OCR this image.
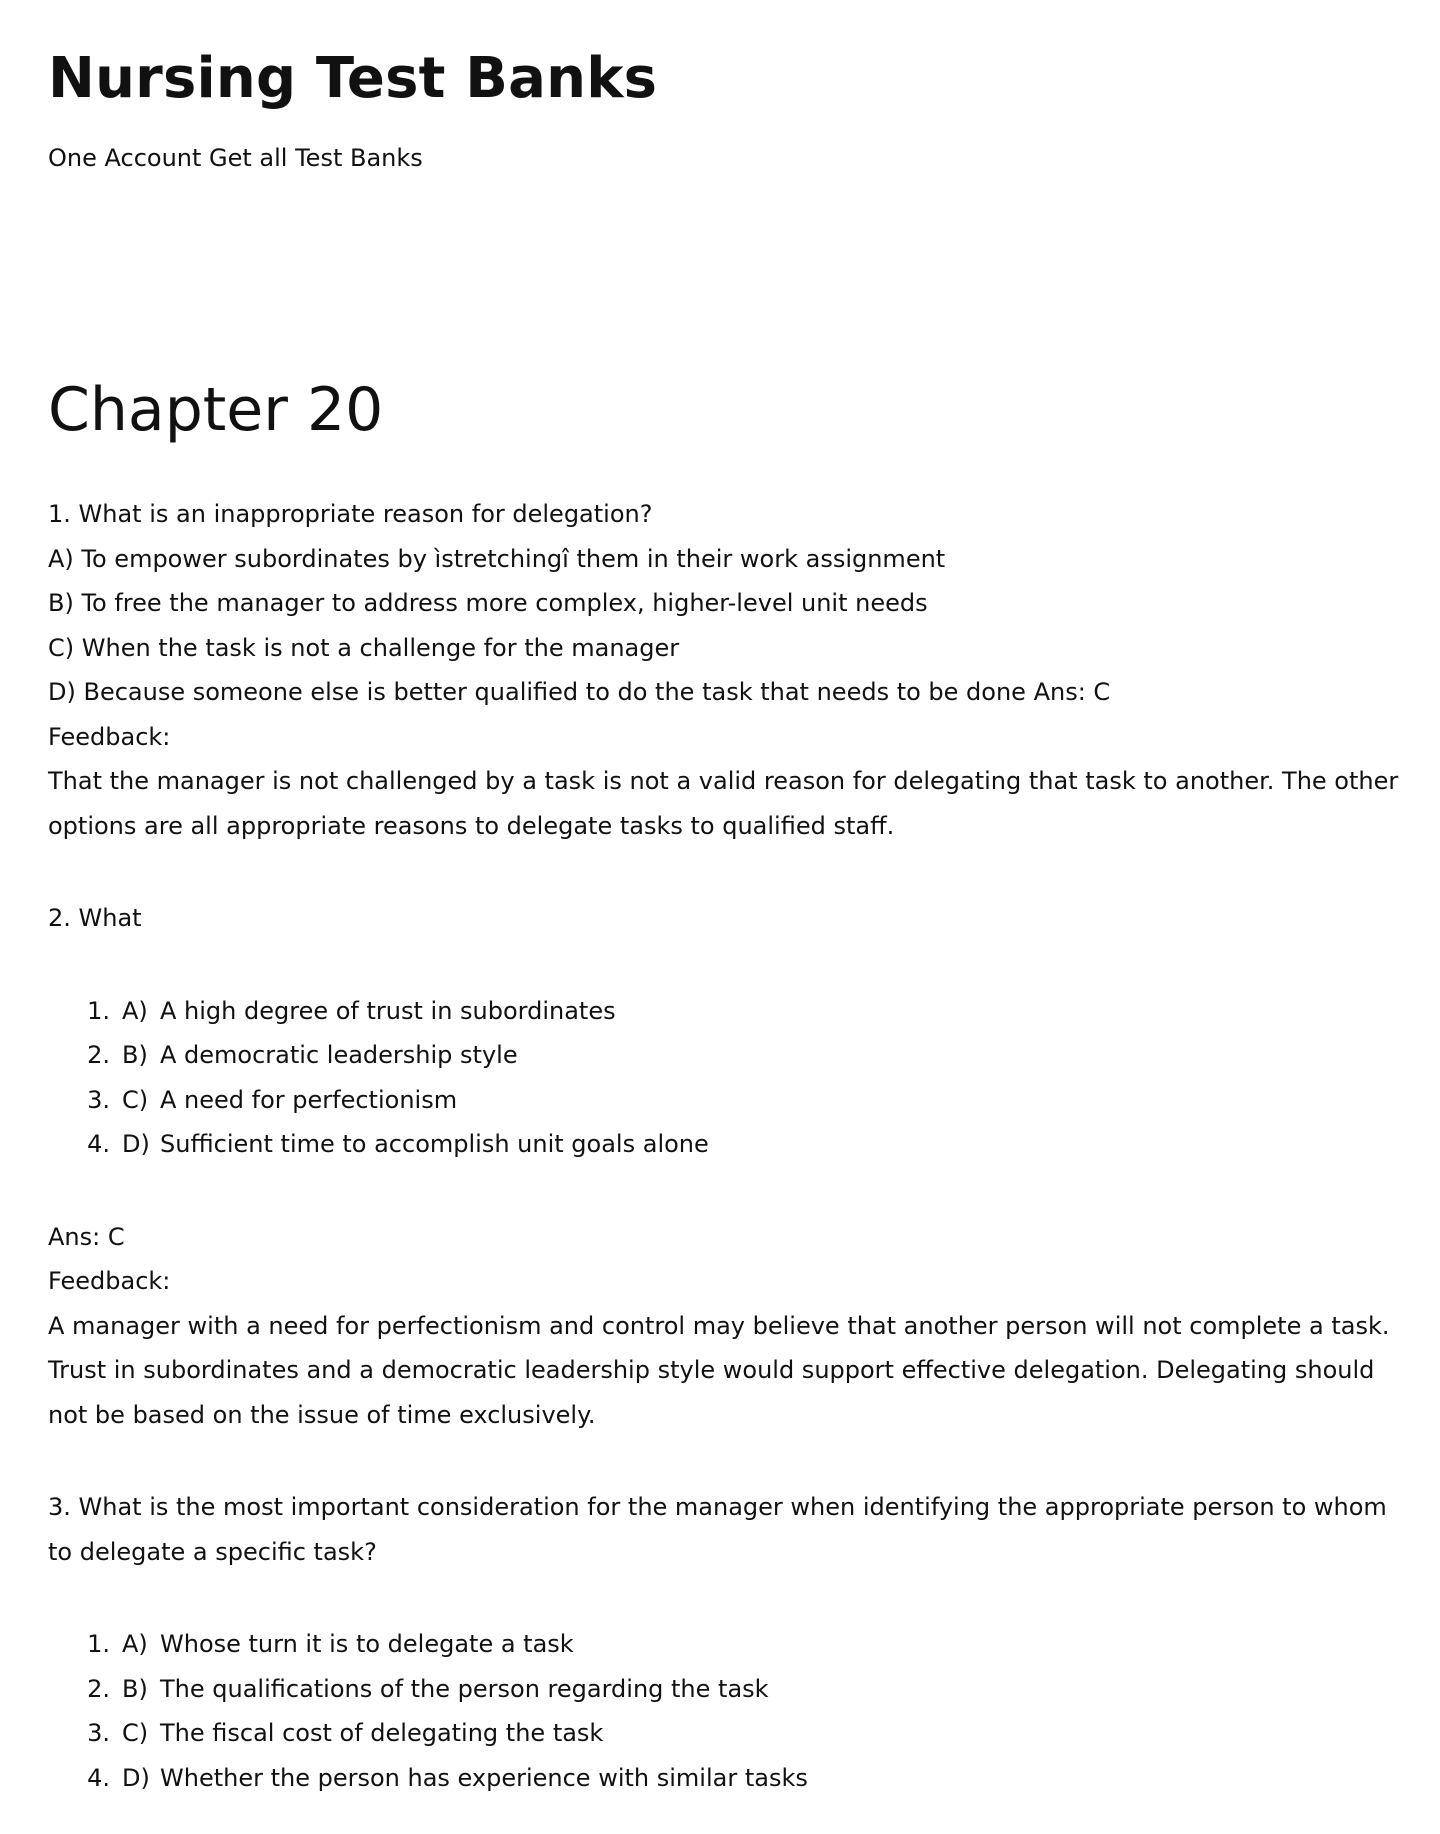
Nursing Test Banks

One Account Get all Test Banks

Chapter 20
1. What is an inappropriate reason for delegation?
A) To empower subordinates by ìstretchingî them in their work assignment
B) To free the manager to address more complex, higher-level unit needs
C) When the task is not a challenge for the manager
D) Because someone else is better qualified to do the task that needs to be done Ans: C
Feedback:

That the manager is not challenged by a task is not a valid reason for delegating that task to another. The other options are all appropriate reasons to delegate tasks to qualified staff.

2. What
1. A) A high degree of trust in subordinates
2. B) A democratic leadership style
3. C) A need for perfectionism
4. D) Sufficient time to accomplish unit goals alone
Ans: C
Feedback:

A manager with a need for perfectionism and control may believe that another person will not complete a task. Trust in subordinates and a democratic leadership style would support effective delegation. Delegating should not be based on the issue of time exclusively.

3. What is the most important consideration for the manager when identifying the appropriate person to whom to delegate a specific task?

1. A) Whose turn it is to delegate a task
2. B) The qualifications of the person regarding the task
3. C) The fiscal cost of delegating the task
4. D) Whether the person has experience with similar tasks
